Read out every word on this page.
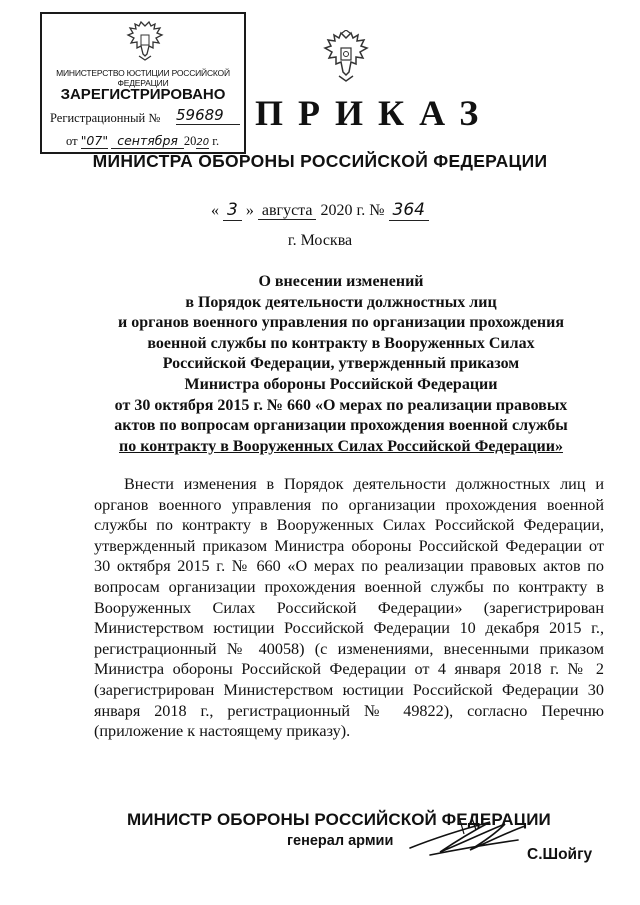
МИНИСТЕРСТВО ЮСТИЦИИ РОССИЙСКОЙ ФЕДЕРАЦИИ
ЗАРЕГИСТРИРОВАНО
Регистрационный № 59689
от "07" сентября 2020 г.
ПРИКАЗ
МИНИСТРА ОБОРОНЫ РОССИЙСКОЙ ФЕДЕРАЦИИ
« 3 » августа 2020 г. № 364
г. Москва
О внесении изменений
в Порядок деятельности должностных лиц
и органов военного управления по организации прохождения
военной службы по контракту в Вооруженных Силах
Российской Федерации, утвержденный приказом
Министра обороны Российской Федерации
от 30 октября 2015 г. № 660 «О мерах по реализации правовых
актов по вопросам организации прохождения военной службы
по контракту в Вооруженных Силах Российской Федерации»
Внести изменения в Порядок деятельности должностных лиц и органов военного управления по организации прохождения военной службы по контракту в Вооруженных Силах Российской Федерации, утвержденный приказом Министра обороны Российской Федерации от 30 октября 2015 г. № 660 «О мерах по реализации правовых актов по вопросам организации прохождения военной службы по контракту в Вооруженных Силах Российской Федерации» (зарегистрирован Министерством юстиции Российской Федерации 10 декабря 2015 г., регистрационный № 40058) (с изменениями, внесенными приказом Министра обороны Российской Федерации от 4 января 2018 г. № 2 (зарегистрирован Министерством юстиции Российской Федерации 30 января 2018 г., регистрационный № 49822), согласно Перечню (приложение к настоящему приказу).
МИНИСТР ОБОРОНЫ РОССИЙСКОЙ ФЕДЕРАЦИИ
генерал армии
С.Шойгу
